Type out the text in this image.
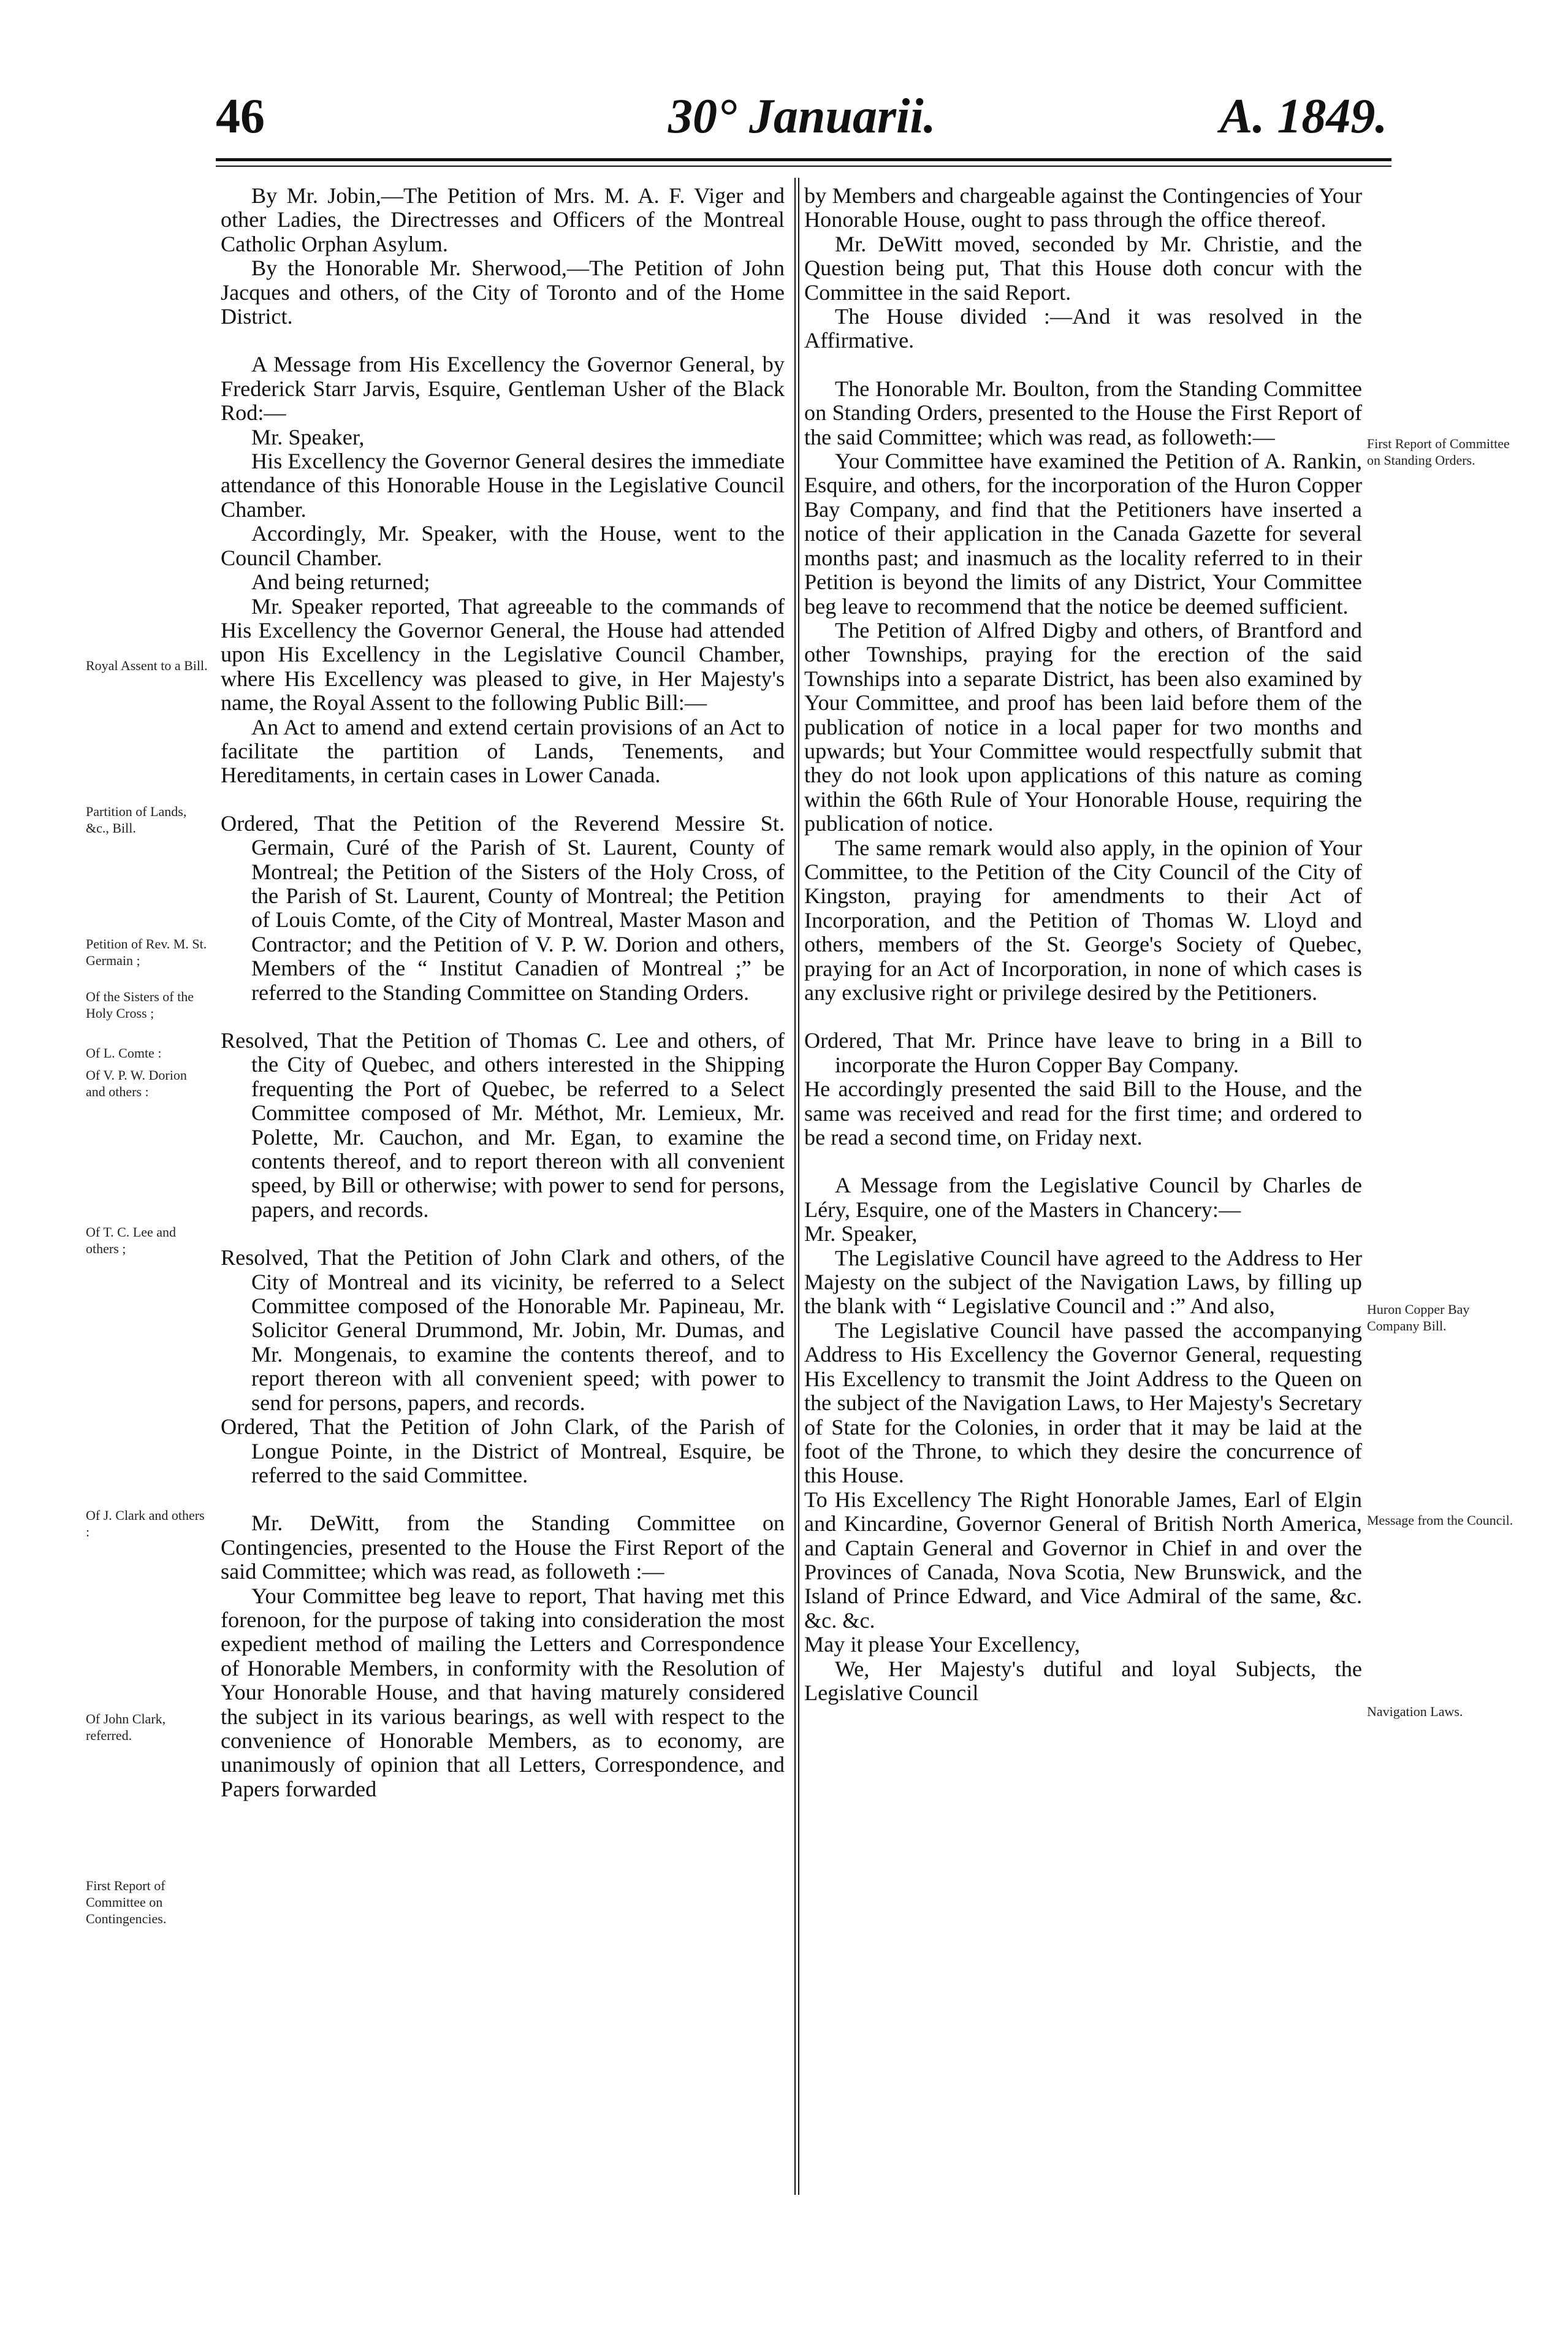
46	30° Januarii.	A. 1849.

By Mr. Jobin,—The Petition of Mrs. M. A. F. Viger and other Ladies, the Directresses and Officers of the Montreal Catholic Orphan Asylum.

By the Honorable Mr. Sherwood,—The Petition of John Jacques and others, of the City of Toronto and of the Home District.

A Message from His Excellency the Governor General, by Frederick Starr Jarvis, Esquire, Gentleman Usher of the Black Rod:—

Mr. Speaker,

His Excellency the Governor General desires the immediate attendance of this Honorable House in the Legislative Council Chamber.

Accordingly, Mr. Speaker, with the House, went to the Council Chamber.

And being returned;

Mr. Speaker reported, That agreeable to the commands of His Excellency the Governor General, the House had attended upon His Excellency in the Legislative Council Chamber, where His Excellency was pleased to give, in Her Majesty's name, the Royal Assent to the following Public Bill:—

An Act to amend and extend certain provisions of an Act to facilitate the partition of Lands, Tenements, and Hereditaments, in certain cases in Lower Canada.

Ordered, That the Petition of the Reverend Messire St. Germain, Curé of the Parish of St. Laurent, County of Montreal; the Petition of the Sisters of the Holy Cross, of the Parish of St. Laurent, County of Montreal; the Petition of Louis Comte, of the City of Montreal, Master Mason and Contractor; and the Petition of V. P. W. Dorion and others, Members of the “ Institut Canadien of Montreal ;” be referred to the Standing Committee on Standing Orders.

Resolved, That the Petition of Thomas C. Lee and others, of the City of Quebec, and others interested in the Shipping frequenting the Port of Quebec, be referred to a Select Committee composed of Mr. Méthot, Mr. Lemieux, Mr. Polette, Mr. Cauchon, and Mr. Egan, to examine the contents thereof, and to report thereon with all convenient speed, by Bill or otherwise; with power to send for persons, papers, and records.

Resolved, That the Petition of John Clark and others, of the City of Montreal and its vicinity, be referred to a Select Committee composed of the Honorable Mr. Papineau, Mr. Solicitor General Drummond, Mr. Jobin, Mr. Dumas, and Mr. Mongenais, to examine the contents thereof, and to report thereon with all convenient speed; with power to send for persons, papers, and records.

Ordered, That the Petition of John Clark, of the Parish of Longue Pointe, in the District of Montreal, Esquire, be referred to the said Committee.

Mr. DeWitt, from the Standing Committee on Contingencies, presented to the House the First Report of the said Committee; which was read, as followeth :—

Your Committee beg leave to report, That having met this forenoon, for the purpose of taking into consideration the most expedient method of mailing the Letters and Correspondence of Honorable Members, in conformity with the Resolution of Your Honorable House, and that having maturely considered the subject in its various bearings, as well with respect to the convenience of Honorable Members, as to economy, are unanimously of opinion that all Letters, Correspondence, and Papers forwarded

by Members and chargeable against the Contingencies of Your Honorable House, ought to pass through the office thereof.

Mr. DeWitt moved, seconded by Mr. Christie, and the Question being put, That this House doth concur with the Committee in the said Report.

The House divided :—And it was resolved in the Affirmative.

The Honorable Mr. Boulton, from the Standing Committee on Standing Orders, presented to the House the First Report of the said Committee; which was read, as followeth:—

Your Committee have examined the Petition of A. Rankin, Esquire, and others, for the incorporation of the Huron Copper Bay Company, and find that the Petitioners have inserted a notice of their application in the Canada Gazette for several months past; and inasmuch as the locality referred to in their Petition is beyond the limits of any District, Your Committee beg leave to recommend that the notice be deemed sufficient.

The Petition of Alfred Digby and others, of Brantford and other Townships, praying for the erection of the said Townships into a separate District, has been also examined by Your Committee, and proof has been laid before them of the publication of notice in a local paper for two months and upwards; but Your Committee would respectfully submit that they do not look upon applications of this nature as coming within the 66th Rule of Your Honorable House, requiring the publication of notice.

The same remark would also apply, in the opinion of Your Committee, to the Petition of the City Council of the City of Kingston, praying for amendments to their Act of Incorporation, and the Petition of Thomas W. Lloyd and others, members of the St. George's Society of Quebec, praying for an Act of Incorporation, in none of which cases is any exclusive right or privilege desired by the Petitioners.

Ordered, That Mr. Prince have leave to bring in a Bill to incorporate the Huron Copper Bay Company.

He accordingly presented the said Bill to the House, and the same was received and read for the first time; and ordered to be read a second time, on Friday next.

A Message from the Legislative Council by Charles de Léry, Esquire, one of the Masters in Chancery:—

Mr. Speaker,

The Legislative Council have agreed to the Address to Her Majesty on the subject of the Navigation Laws, by filling up the blank with “ Legislative Council and :” And also,

The Legislative Council have passed the accompanying Address to His Excellency the Governor General, requesting His Excellency to transmit the Joint Address to the Queen on the subject of the Navigation Laws, to Her Majesty's Secretary of State for the Colonies, in order that it may be laid at the foot of the Throne, to which they desire the concurrence of this House.

To His Excellency The Right Honorable James, Earl of Elgin and Kincardine, Governor General of British North America, and Captain General and Governor in Chief in and over the Provinces of Canada, Nova Scotia, New Brunswick, and the Island of Prince Edward, and Vice Admiral of the same, &c. &c. &c.

May it please Your Excellency,

We, Her Majesty's dutiful and loyal Subjects, the Legislative Council

Royal Assent to a Bill.
Partition of Lands, &c., Bill.
Petition of Rev. M. St. Germain ;
Of the Sisters of the Holy Cross ;
Of L. Comte :
Of V. P. W. Dorion and others :
Of T. C. Lee and others ;
Of J. Clark and others :
Of John Clark, referred.
First Report of Committee on Contingencies.
First Report of Committee on Standing Orders.
Huron Copper Bay Company Bill.
Message from the Council.
Navigation Laws.
